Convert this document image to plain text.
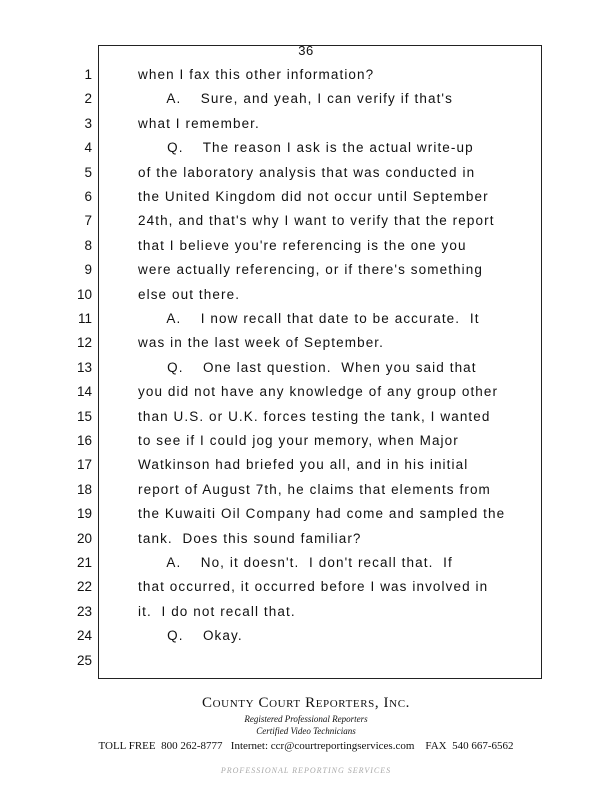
36
1	when I fax this other information?
2	A.    Sure, and yeah, I can verify if that's
3	what I remember.
4	Q.    The reason I ask is the actual write-up
5	of the laboratory analysis that was conducted in
6	the United Kingdom did not occur until September
7	24th, and that's why I want to verify that the report
8	that I believe you're referencing is the one you
9	were actually referencing, or if there's something
10	else out there.
11	A.    I now recall that date to be accurate.  It
12	was in the last week of September.
13	Q.    One last question.  When you said that
14	you did not have any knowledge of any group other
15	than U.S. or U.K. forces testing the tank, I wanted
16	to see if I could jog your memory, when Major
17	Watkinson had briefed you all, and in his initial
18	report of August 7th, he claims that elements from
19	the Kuwaiti Oil Company had come and sampled the
20	tank.  Does this sound familiar?
21	A.    No, it doesn't.  I don't recall that.  If
22	that occurred, it occurred before I was involved in
23	it.  I do not recall that.
24	Q.    Okay.
25
County Court Reporters, Inc.
Registered Professional Reporters
Certified Video Technicians
TOLL FREE  800 262-8777   Internet: ccr@courtreportingservices.com    FAX  540 667-6562
PROFESSIONAL REPORTING SERVICES
